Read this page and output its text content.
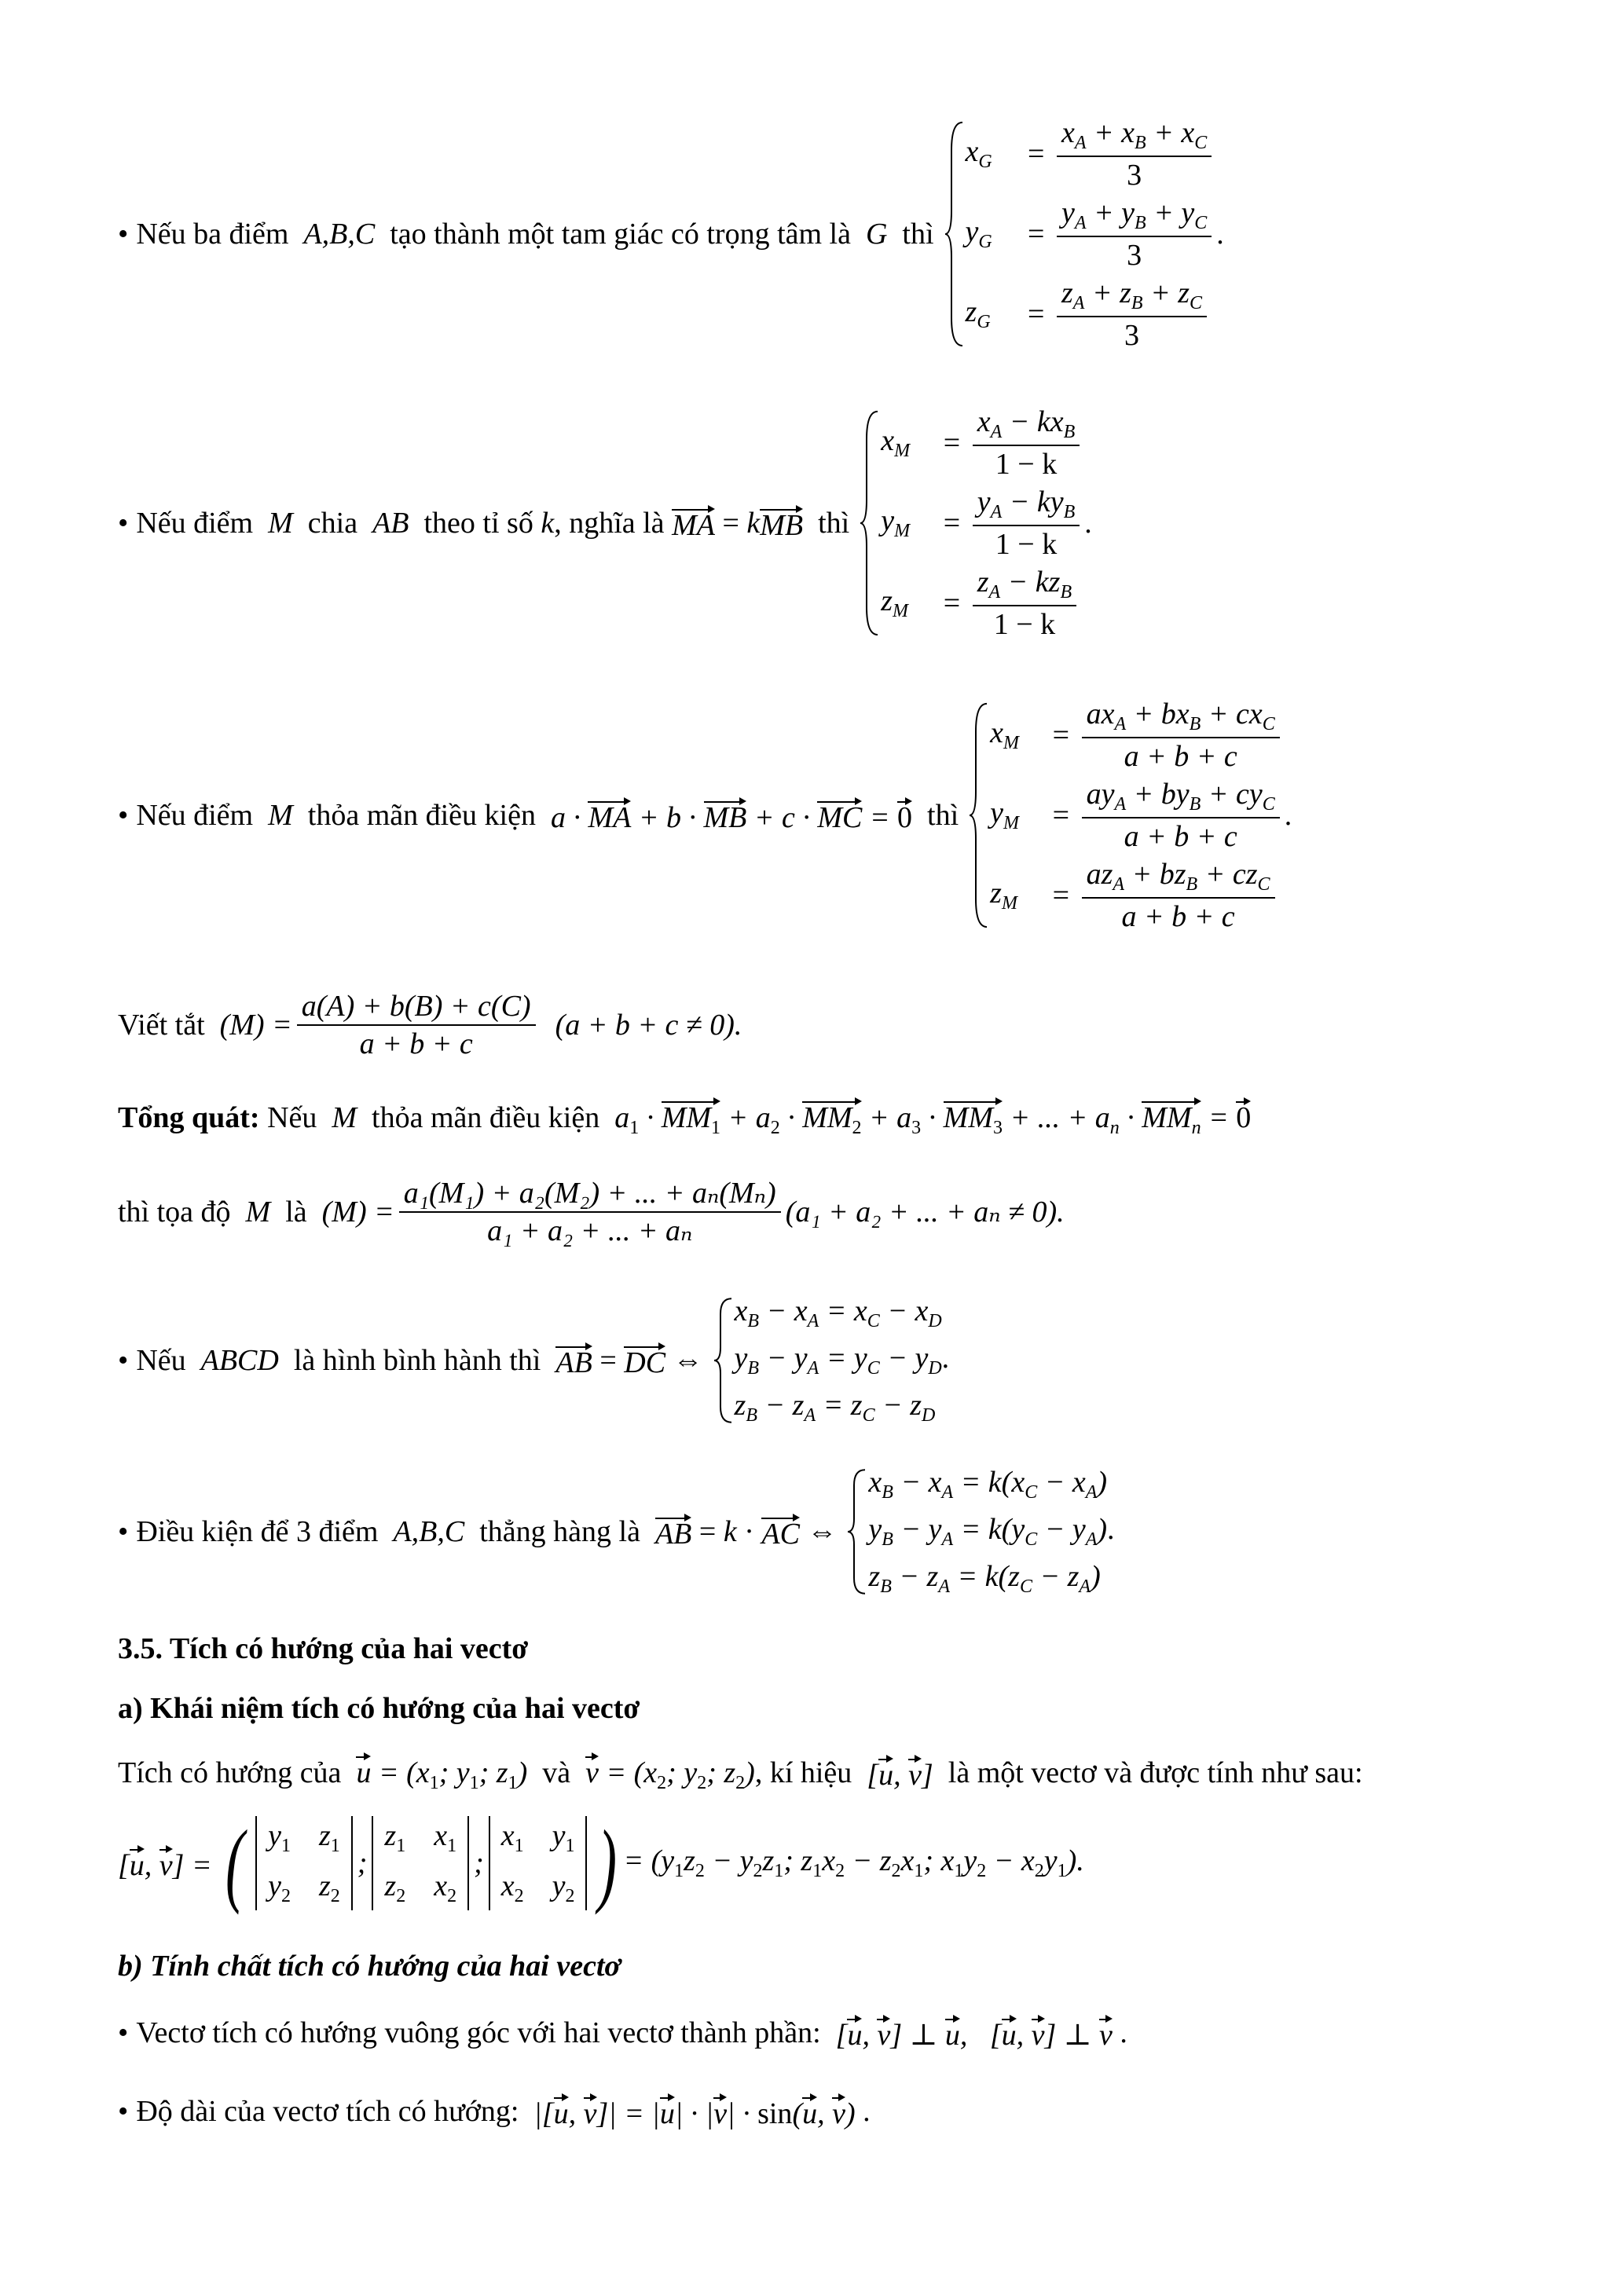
• Nếu ba điểm
A,B,C
tạo thành một tam giác có trọng tâm là
G
thì
$x_G = \frac{x_A + x_B + x_C}{3}$
$y_G = \frac{y_A + y_B + y_C}{3}$ .
$z_G = \frac{z_A + z_B + z_C}{3}$
• Nếu điểm
M
chia
AB
theo tỉ số
k , nghĩa là
MA
=
k MB
thì
$x_M = \frac{x_A - kx_B}{1 - k}$
$y_M = \frac{y_A - ky_B}{1 - k}$ .
$z_M = \frac{z_A - kz_B}{1 - k}$
• Nếu điểm
M
thỏa mãn điều kiện
a · MA + b · MB + c · MC = 0
thì
$x_M = \frac{ax_A + bx_B + cx_C}{a + b + c}$
$y_M = \frac{ay_A + by_B + cy_C}{a + b + c}$ .
$z_M = \frac{az_A + bz_B + cz_C}{a + b + c}$
Viết tắt
$(M) = \frac{a(A) + b(B) + c(C)}{a + b + c}$
(a + b + c ≠ 0).
Tổng quát:
Nếu
M
thỏa mãn điều kiện
$a_1 \cdot MM_1 + a_2 \cdot MM_2 + a_3 \cdot MM_3$ + ... + $a_n \cdot MM_n = 0$
thì tọa độ
M
là
$(M) = \frac{\text{a₁(M₁) + a₂(M₂) + ... + aₙ(Mₙ)}}{\text{a₁ + a₂ + ... + aₙ}} (a_1 + a_2$ + ... + aₙ ≠ 0).
• Nếu
ABCD
là hình bình hành thì
AB = DC ⇔
$x_B - x_A = x_C - x_D$
$y_B - y_A = y_C - y_D$.
$z_B - z_A = z_C - z_D$
• Điều kiện để 3 điểm
A,B,C
thẳng hàng là
AB = k · AC ⇔
$x_B - x_A = k(x_C - x_A)$
$y_B - y_A = k(y_C - y_A)$.
$z_B - z_A = k(z_C - z_A)$
3.5. Tích có hướng của hai vectơ
a) Khái niệm tích có hướng của hai vectơ
Tích có hướng của
$u = (x_1$; $y_1$; $z_1$)
và
$v = (x_2$; $y_2$; $z_2$) , kí hiệu
[u, v]
là một vectơ và được tính như sau:
[u, v] =
( $y_1$ $z_1$
$y_2$ $z_2$
;
$z_1$ $x_1$
$z_2$ $x_2$
;
$x_1$ $y_1$
$x_2$ $y_2$ ) = ($y_1z_2 - y_2z_1$; $z_1x_2 - z_2x_1$; $x_1y_2 - x_2y_1$).
b) Tính chất tích có hướng của hai vectơ
• Vectơ tích có hướng vuông góc với hai vectơ thành phần:
[u, v] ⊥ u,   [u, v] ⊥ v .
• Độ dài của vectơ tích có hướng:
|[u, v]| = |u| · |v| · sin(u, v) .
